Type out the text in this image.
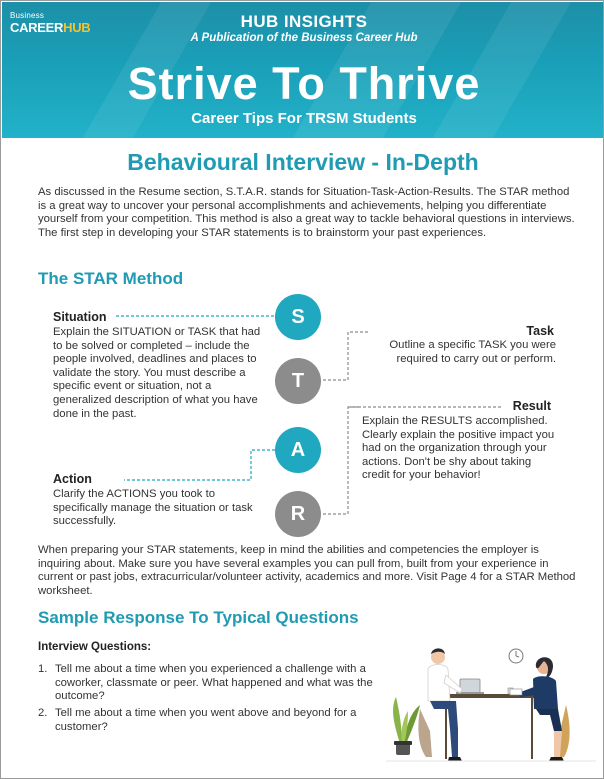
Business
CAREERHUB	HUB INSIGHTS
A Publication of the Business Career Hub
Strive To Thrive
Career Tips For TRSM Students
Behavioural Interview - In-Depth
As discussed in the Resume section, S.T.A.R. stands for Situation-Task-Action-Results. The STAR method is a great way to uncover your personal accomplishments and achievements, helping you differentiate yourself from your competition. This method is also a great way to tackle behavioral questions in interviews. The first step in developing your STAR statements is to brainstorm your past experiences.
The STAR Method
S
T
A
R
Situation
Explain the SITUATION or TASK that had to be solved or completed – include the people involved, deadlines and places to validate the story. You must describe a specific event or situation, not a generalized description of what you have done in the past.
Task
Outline a specific TASK you were required to carry out or perform.
Action
Clarify the ACTIONS you took to specifically manage the situation or task successfully.
Result
Explain the RESULTS accomplished. Clearly explain the positive impact you had on the organization through your actions. Don't be shy about taking credit for your behavior!
When preparing your STAR statements, keep in mind the abilities and competencies the employer is inquiring about. Make sure you have several examples you can pull from, built from your experience in current or past jobs, extracurricular/volunteer activity, academics and more. Visit Page 4 for a STAR Method worksheet.
Sample Response To Typical Questions
Interview Questions:
1. Tell me about a time when you experienced a challenge with a coworker, classmate or peer. What happened and what was the outcome?
2. Tell me about a time when you went above and beyond for a customer?
